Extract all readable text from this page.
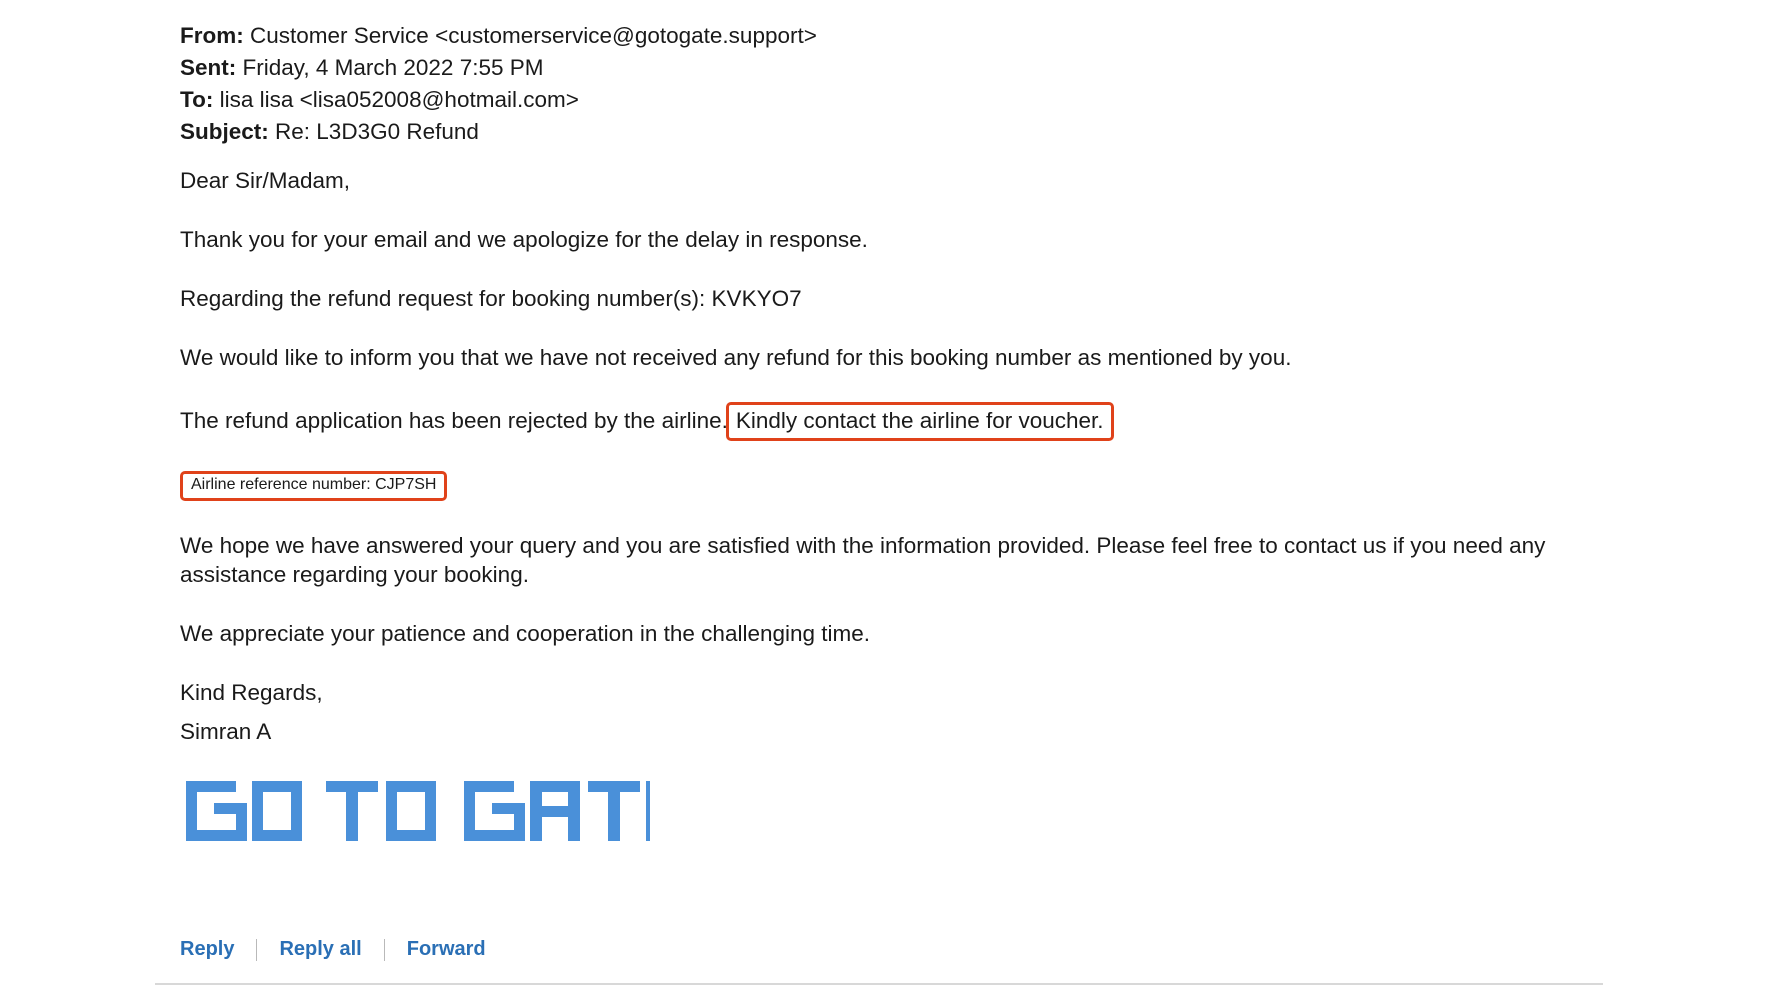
From: Customer Service <customerservice@gotogate.support>
Sent: Friday, 4 March 2022 7:55 PM
To: lisa lisa <lisa052008@hotmail.com>
Subject: Re: L3D3G0 Refund

Dear Sir/Madam,

Thank you for your email and we apologize for the delay in response.

Regarding the refund request for booking number(s): KVKYO7

We would like to inform you that we have not received any refund for this booking number as mentioned by you.

The refund application has been rejected by the airline. Kindly contact the airline for voucher.

Airline reference number: CJP7SH

We hope we have answered your query and you are satisfied with the information provided. Please feel free to contact us if you need any assistance regarding your booking.

We appreciate your patience and cooperation in the challenging time.

Kind Regards,
Simran A
Reply	Reply all	Forward
